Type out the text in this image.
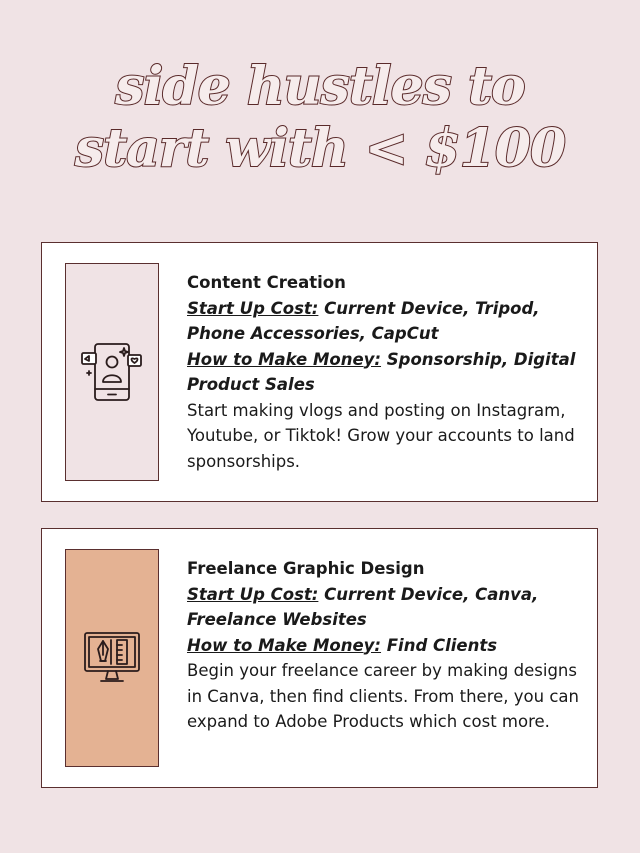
side hustles to
start with < $100
Content Creation
Start Up Cost: Current Device, Tripod, Phone Accessories, CapCut
How to Make Money: Sponsorship, Digital Product Sales
Start making vlogs and posting on Instagram, Youtube, or Tiktok! Grow your accounts to land sponsorships.
Freelance Graphic Design
Start Up Cost: Current Device, Canva, Freelance Websites
How to Make Money: Find Clients
Begin your freelance career by making designs in Canva, then find clients. From there, you can expand to Adobe Products which cost more.
